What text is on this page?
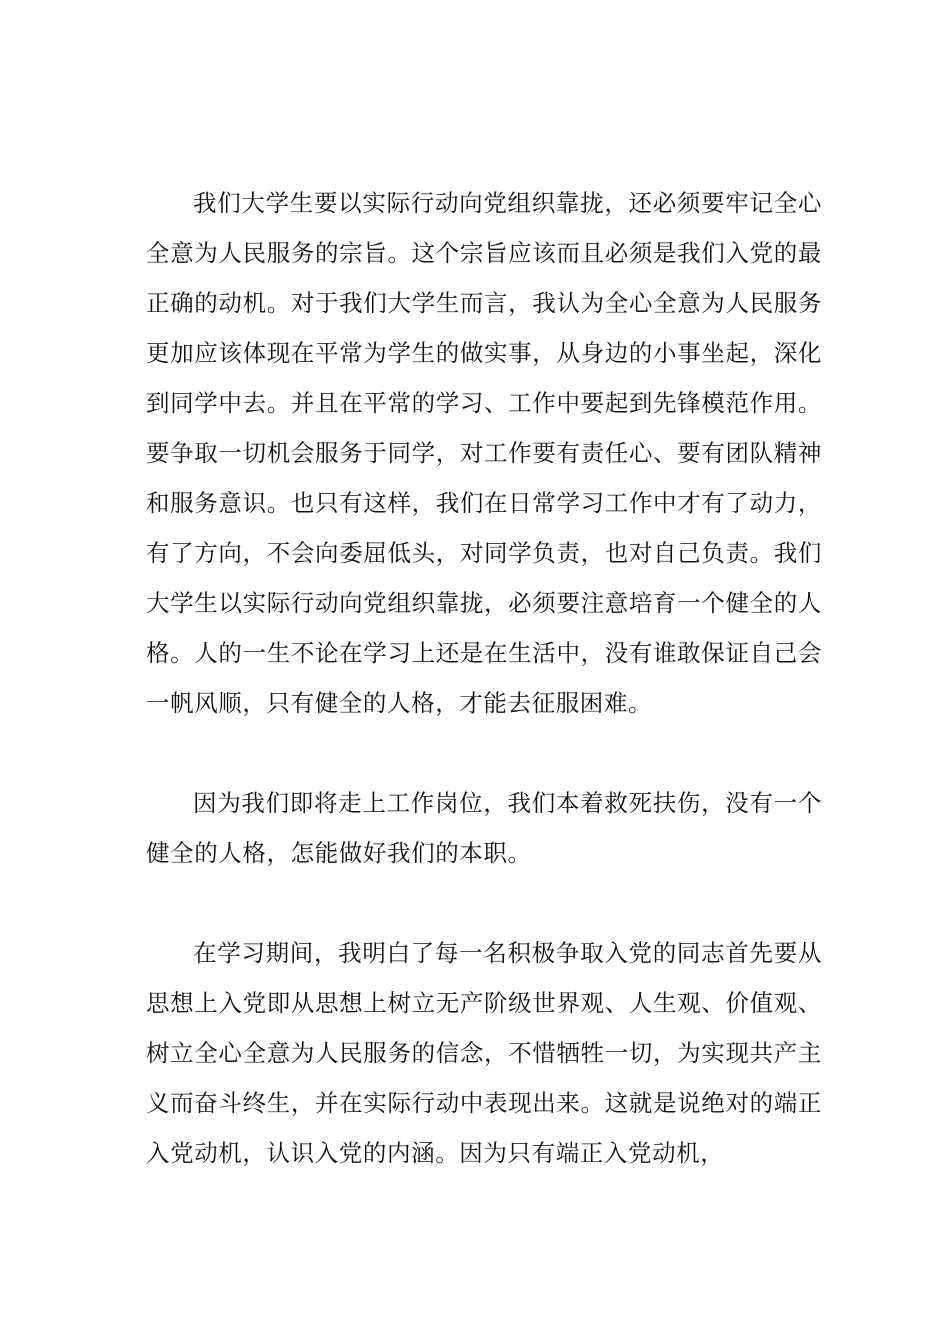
我们大学生要以实际行动向党组织靠拢，还必须要牢记全心全意为人民服务的宗旨。这个宗旨应该而且必须是我们入党的最正确的动机。对于我们大学生而言，我认为全心全意为人民服务更加应该体现在平常为学生的做实事，从身边的小事坐起，深化到同学中去。并且在平常的学习、工作中要起到先锋模范作用。要争取一切机会服务于同学，对工作要有责任心、要有团队精神和服务意识。也只有这样，我们在日常学习工作中才有了动力，有了方向，不会向委屈低头，对同学负责，也对自己负责。我们大学生以实际行动向党组织靠拢，必须要注意培育一个健全的人格。人的一生不论在学习上还是在生活中，没有谁敢保证自己会一帆风顺，只有健全的人格，才能去征服困难。

因为我们即将走上工作岗位，我们本着救死扶伤，没有一个健全的人格，怎能做好我们的本职。

在学习期间，我明白了每一名积极争取入党的同志首先要从思想上入党即从思想上树立无产阶级世界观、人生观、价值观、树立全心全意为人民服务的信念，不惜牺牲一切，为实现共产主义而奋斗终生，并在实际行动中表现出来。这就是说绝对的端正入党动机，认识入党的内涵。因为只有端正入党动机，
